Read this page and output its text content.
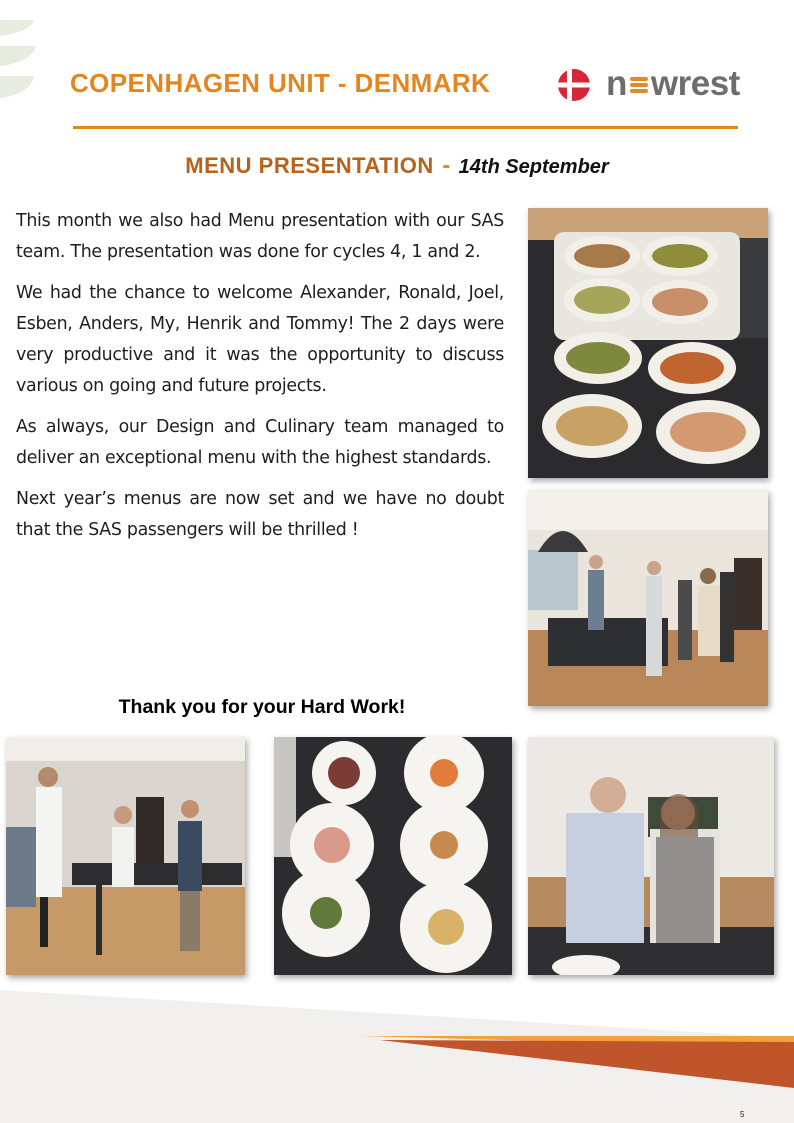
COPENHAGEN UNIT - DENMARK	n wrest
MENU PRESENTATION - 14th September

This month we also had Menu presentation with our SAS team. The presentation was done for cycles 4, 1 and 2.

We had the chance to welcome Alexander, Ronald, Joel, Esben, Anders, My, Henrik and Tommy! The 2 days were very productive and it was the opportunity to discuss various on going and future projects.

As always, our Design and Culinary team managed to deliver an exceptional menu with the highest standards.

Next year’s menus are now set and we have no doubt that the SAS passengers will be thrilled !

Thank you for your Hard Work!
5
